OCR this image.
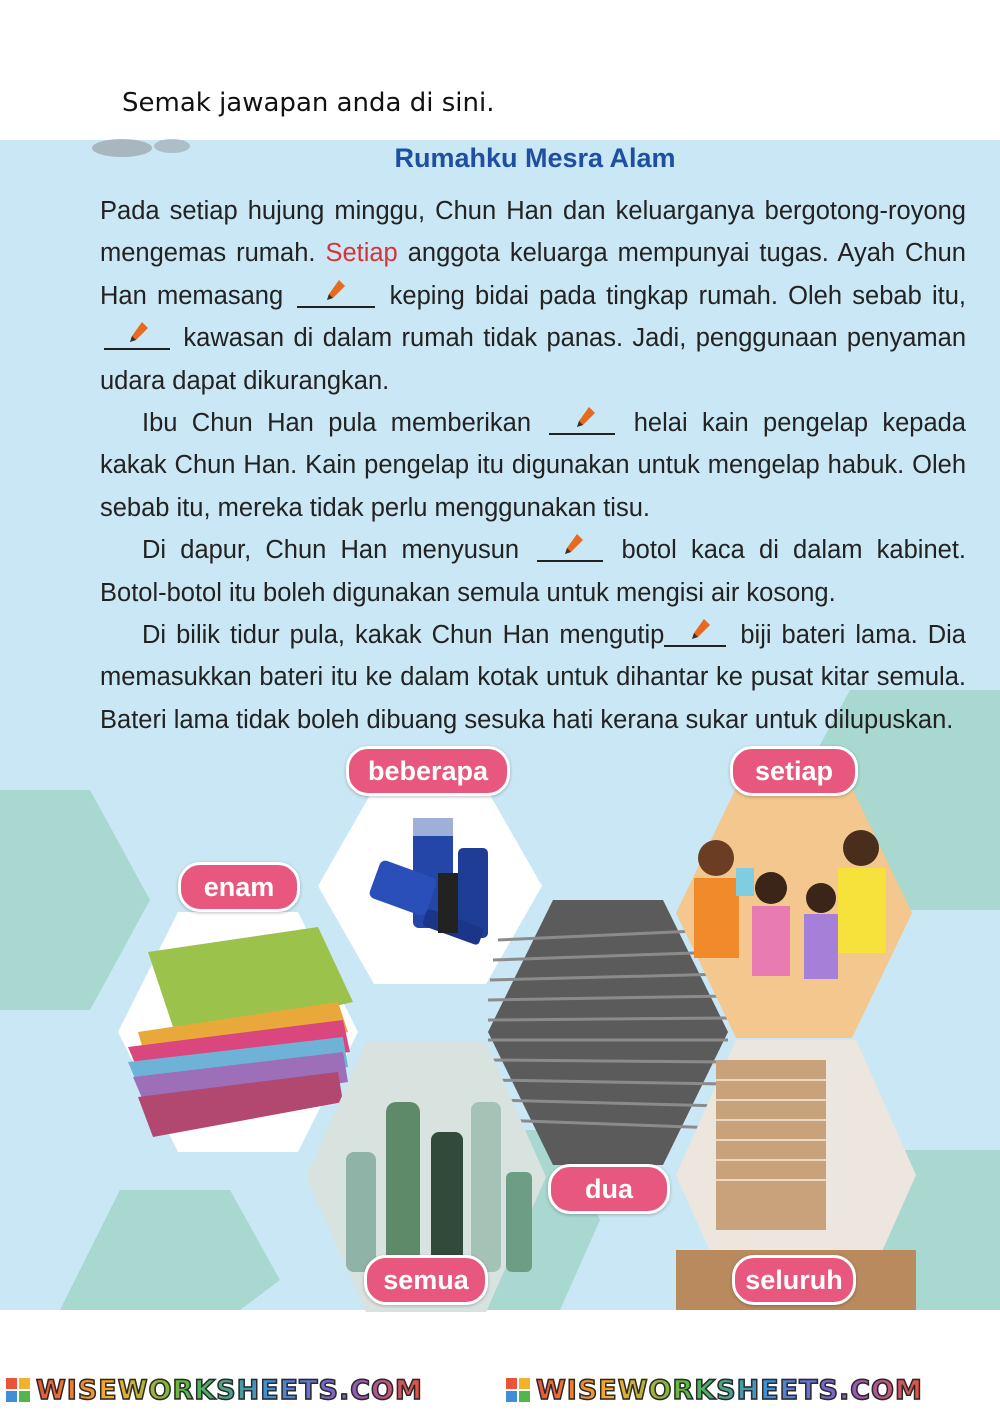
Semak jawapan anda di sini.
Rumahku Mesra Alam

Pada setiap hujung minggu, Chun Han dan keluarganya bergotong-royong mengemas rumah. Setiap anggota keluarga mempunyai tugas. Ayah Chun Han memasang	keping bidai pada tingkap rumah. Oleh sebab itu,
kawasan di dalam rumah tidak panas. Jadi, penggunaan penyaman udara dapat dikurangkan.

Ibu Chun Han pula memberikan	helai kain pengelap kepada kakak Chun Han. Kain pengelap itu digunakan untuk mengelap habuk. Oleh sebab itu, mereka tidak perlu menggunakan tisu.

Di dapur, Chun Han menyusun	botol kaca di dalam kabinet. Botol-botol itu boleh digunakan semula untuk mengisi air kosong.

Di bilik tidur pula, kakak Chun Han mengutip	biji bateri lama. Dia memasukkan bateri itu ke dalam kotak untuk dihantar ke pusat kitar semula. Bateri lama tidak boleh dibuang sesuka hati kerana sukar untuk dilupuskan.

beberapa	setiap
enam
dua
semua	seluruh
WISEWORKSHEETS.COM	WISEWORKSHEETS.COM
